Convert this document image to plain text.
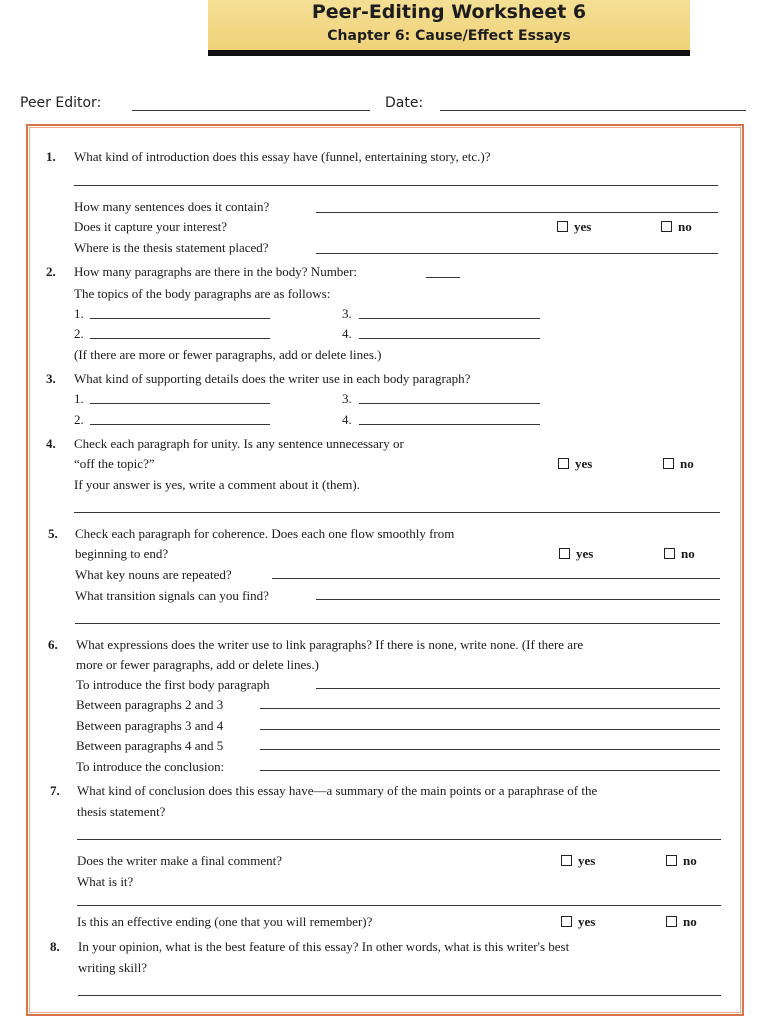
Peer-Editing Worksheet 6
Chapter 6: Cause/Effect Essays
Peer Editor:	Date:
1. What kind of introduction does this essay have (funnel, entertaining story, etc.)?
How many sentences does it contain?
Does it capture your interest?	yes	no
Where is the thesis statement placed?
2. How many paragraphs are there in the body? Number:
The topics of the body paragraphs are as follows:
1.	3.
2.	4.
(If there are more or fewer paragraphs, add or delete lines.)
3. What kind of supporting details does the writer use in each body paragraph?
1.	3.
2.	4.
4. Check each paragraph for unity. Is any sentence unnecessary or
“off the topic?”	yes	no
If your answer is yes, write a comment about it (them).
5. Check each paragraph for coherence. Does each one flow smoothly from
beginning to end?	yes	no
What key nouns are repeated?
What transition signals can you find?
6. What expressions does the writer use to link paragraphs? If there is none, write none. (If there are
more or fewer paragraphs, add or delete lines.)
To introduce the first body paragraph
Between paragraphs 2 and 3
Between paragraphs 3 and 4
Between paragraphs 4 and 5
To introduce the conclusion:
7. What kind of conclusion does this essay have—a summary of the main points or a paraphrase of the
thesis statement?
Does the writer make a final comment?	yes	no
What is it?
Is this an effective ending (one that you will remember)?	yes	no
8. In your opinion, what is the best feature of this essay? In other words, what is this writer's best
writing skill?
